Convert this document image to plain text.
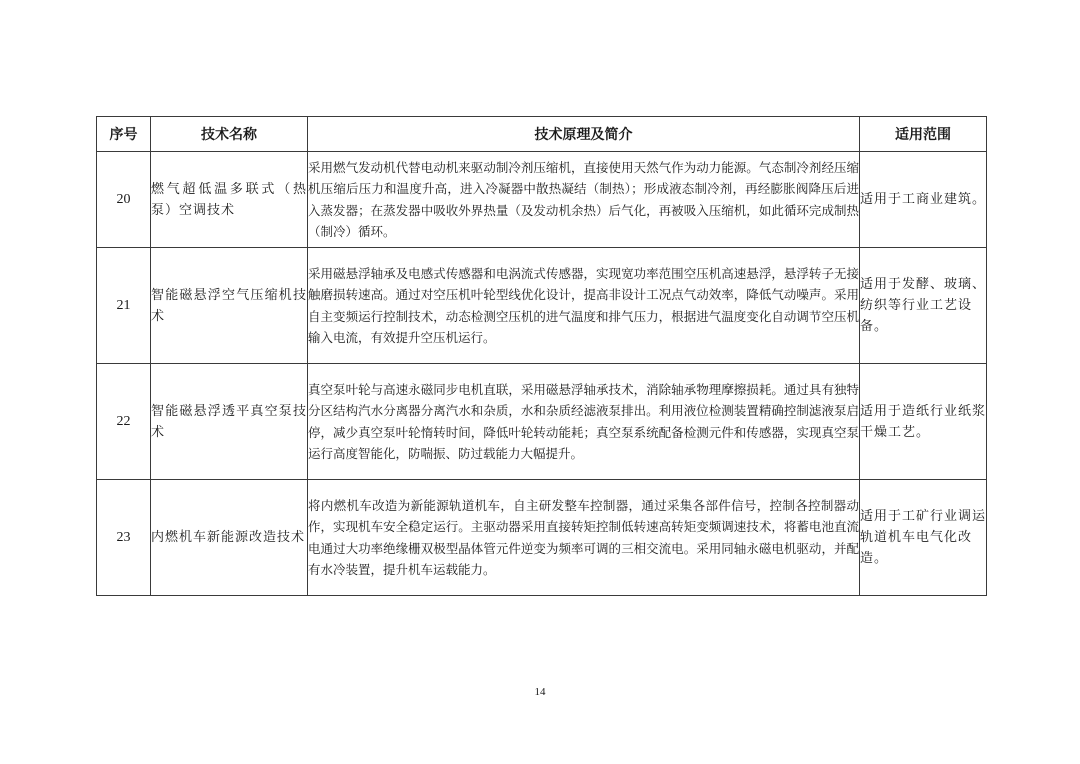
序号	技术名称	技术原理及简介	适用范围
20	燃气超低温多联式（热泵）空调技术	采用燃气发动机代替电动机来驱动制冷剂压缩机，直接使用天然气作为动力能源。气态制冷剂经压缩机压缩后压力和温度升高，进入冷凝器中散热凝结（制热）；形成液态制冷剂，再经膨胀阀降压后进入蒸发器；在蒸发器中吸收外界热量（及发动机余热）后气化，再被吸入压缩机，如此循环完成制热（制冷）循环。	适用于工商业建筑。
21	智能磁悬浮空气压缩机技术	采用磁悬浮轴承及电感式传感器和电涡流式传感器，实现宽功率范围空压机高速悬浮，悬浮转子无接触磨损转速高。通过对空压机叶轮型线优化设计，提高非设计工况点气动效率，降低气动噪声。采用自主变频运行控制技术，动态检测空压机的进气温度和排气压力，根据进气温度变化自动调节空压机输入电流，有效提升空压机运行。	适用于发酵、玻璃、纺织等行业工艺设备。
22	智能磁悬浮透平真空泵技术	真空泵叶轮与高速永磁同步电机直联，采用磁悬浮轴承技术，消除轴承物理摩擦损耗。通过具有独特分区结构汽水分离器分离汽水和杂质，水和杂质经滤液泵排出。利用液位检测装置精确控制滤液泵启停，减少真空泵叶轮惰转时间，降低叶轮转动能耗；真空泵系统配备检测元件和传感器，实现真空泵运行高度智能化，防喘振、防过载能力大幅提升。	适用于造纸行业纸浆干燥工艺。
23	内燃机车新能源改造技术	将内燃机车改造为新能源轨道机车，自主研发整车控制器，通过采集各部件信号，控制各控制器动作，实现机车安全稳定运行。主驱动器采用直接转矩控制低转速高转矩变频调速技术，将蓄电池直流电通过大功率绝缘栅双极型晶体管元件逆变为频率可调的三相交流电。采用同轴永磁电机驱动，并配有水冷装置，提升机车运载能力。	适用于工矿行业调运轨道机车电气化改造。
14
